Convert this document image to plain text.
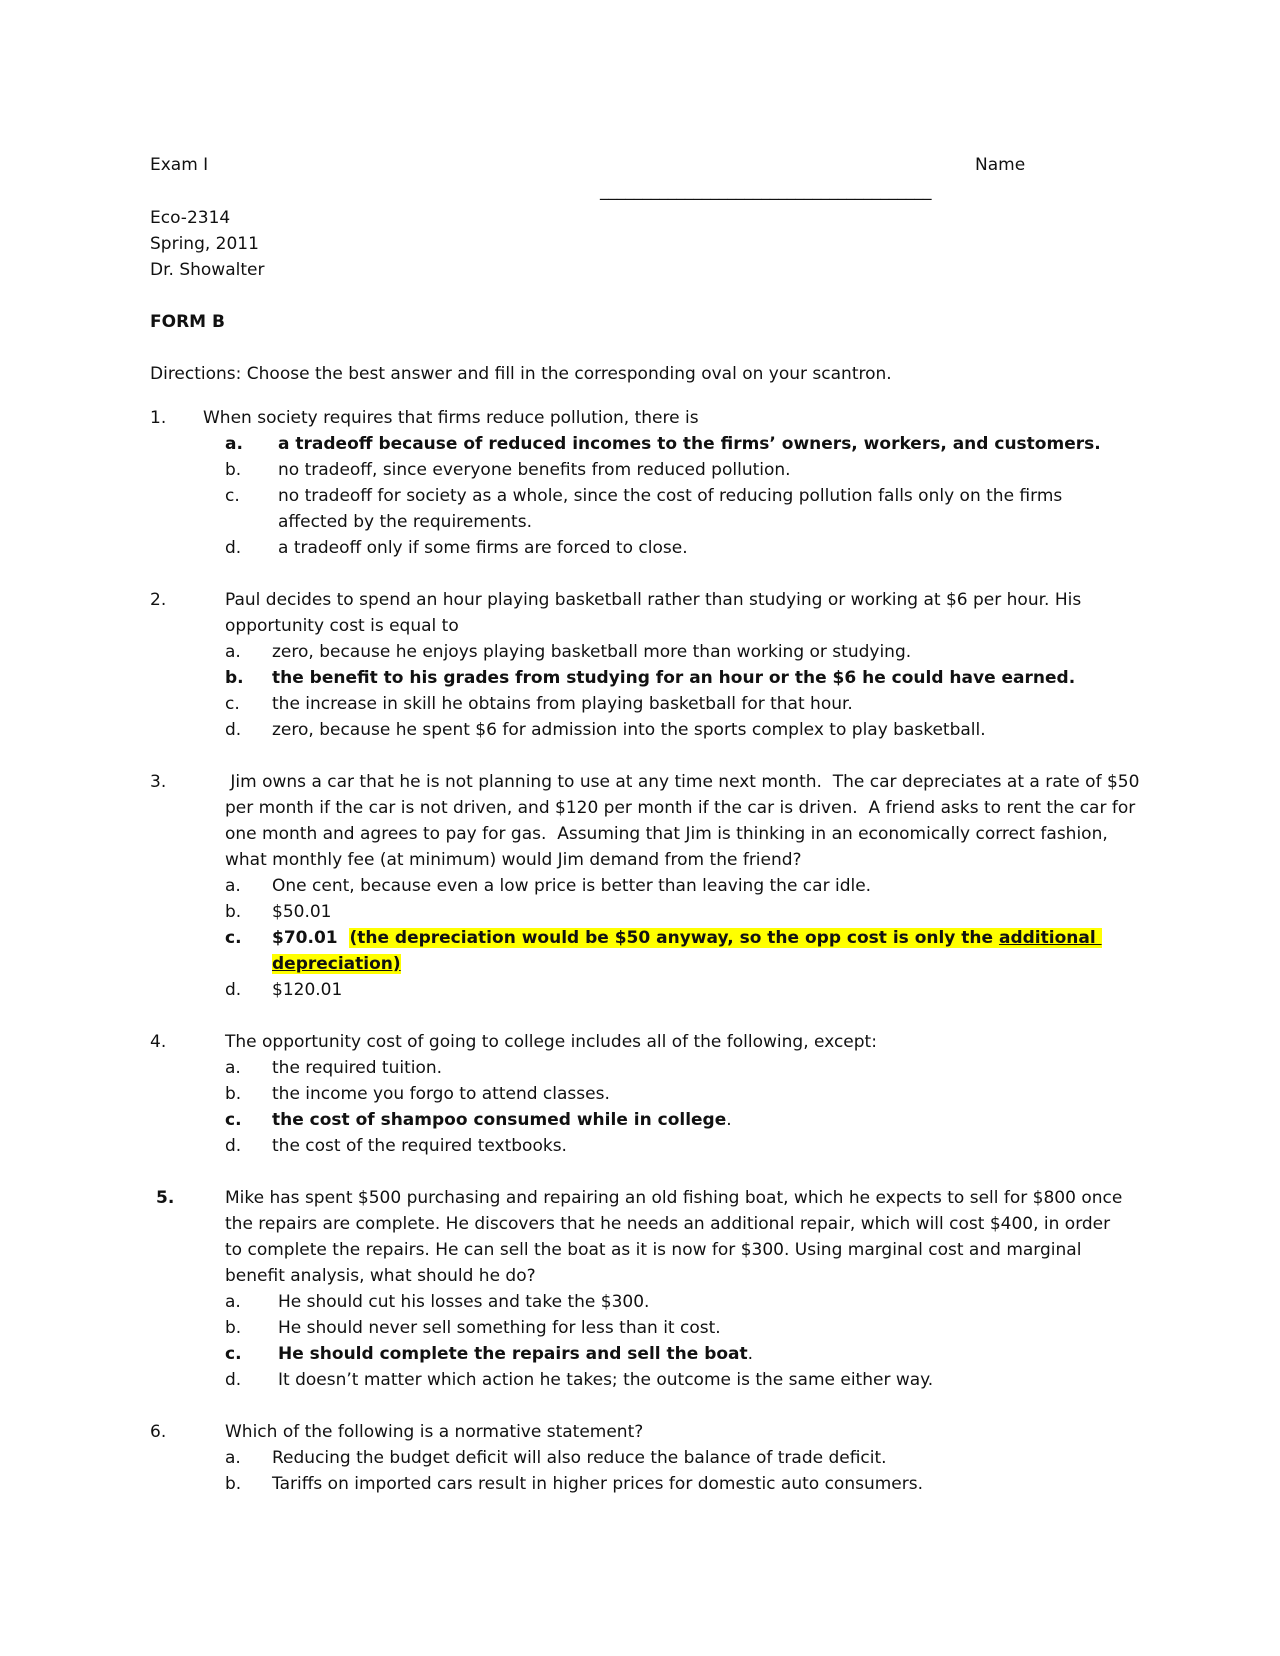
Exam I	Name
_______________________________________
Eco-2314
Spring, 2011
Dr. Showalter
FORM B
Directions: Choose the best answer and fill in the corresponding oval on your scantron.
1. When society requires that firms reduce pollution, there is
a. a tradeoff because of reduced incomes to the firms’ owners, workers, and customers.
b. no tradeoff, since everyone benefits from reduced pollution.
c. no tradeoff for society as a whole, since the cost of reducing pollution falls only on the firms
affected by the requirements.
d. a tradeoff only if some firms are forced to close.
2.	Paul decides to spend an hour playing basketball rather than studying or working at $6 per hour. His
opportunity cost is equal to
a. zero, because he enjoys playing basketball more than working or studying.
b. the benefit to his grades from studying for an hour or the $6 he could have earned.
c. the increase in skill he obtains from playing basketball for that hour.
d. zero, because he spent $6 for admission into the sports complex to play basketball.
3.	Jim owns a car that he is not planning to use at any time next month.  The car depreciates at a rate of $50
per month if the car is not driven, and $120 per month if the car is driven.  A friend asks to rent the car for
one month and agrees to pay for gas.  Assuming that Jim is thinking in an economically correct fashion,
what monthly fee (at minimum) would Jim demand from the friend?
a. One cent, because even a low price is better than leaving the car idle.
b. $50.01
c. $70.01 (the depreciation would be $50 anyway, so the opp cost is only the additional
depreciation)
d. $120.01
4.	The opportunity cost of going to college includes all of the following, except:
a. the required tuition.
b. the income you forgo to attend classes.
c. the cost of shampoo consumed while in college.
d. the cost of the required textbooks.
5.	Mike has spent $500 purchasing and repairing an old fishing boat, which he expects to sell for $800 once
the repairs are complete. He discovers that he needs an additional repair, which will cost $400, in order
to complete the repairs. He can sell the boat as it is now for $300. Using marginal cost and marginal
benefit analysis, what should he do?
a. He should cut his losses and take the $300.
b. He should never sell something for less than it cost.
c. He should complete the repairs and sell the boat.
d. It doesn’t matter which action he takes; the outcome is the same either way.
6.	Which of the following is a normative statement?
a. Reducing the budget deficit will also reduce the balance of trade deficit.
b. Tariffs on imported cars result in higher prices for domestic auto consumers.
